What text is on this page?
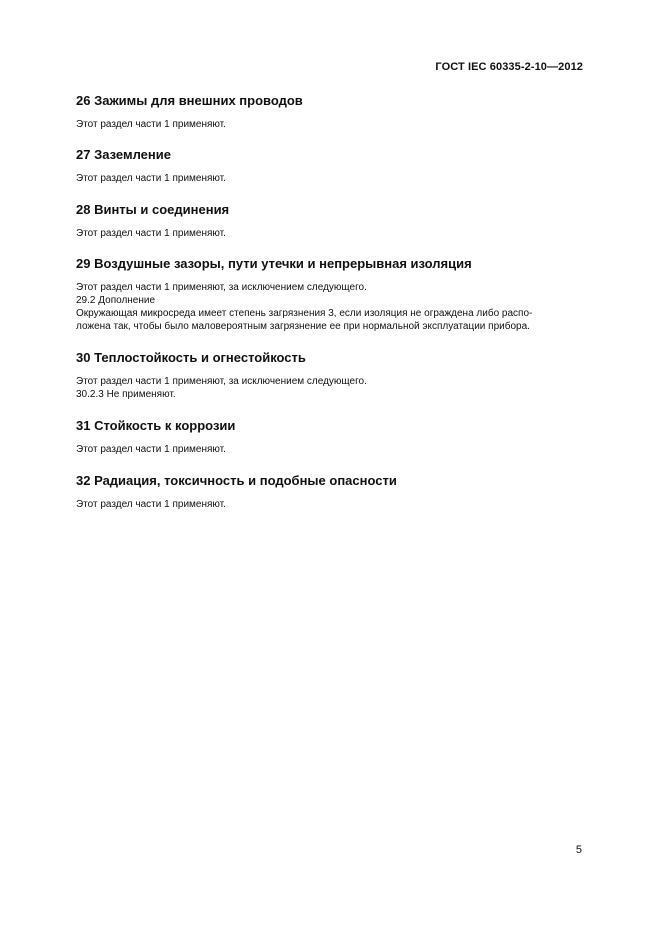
ГОСТ IEC 60335-2-10—2012
26 Зажимы для внешних проводов
Этот раздел части 1 применяют.
27 Заземление
Этот раздел части 1 применяют.
28 Винты и соединения
Этот раздел части 1 применяют.
29 Воздушные зазоры, пути утечки и непрерывная изоляция
Этот раздел части 1 применяют, за исключением следующего.
29.2 Дополнение
Окружающая микросреда имеет степень загрязнения 3, если изоляция не ограждена либо распо-
ложена так, чтобы было маловероятным загрязнение ее при нормальной эксплуатации прибора.
30 Теплостойкость и огнестойкость
Этот раздел части 1 применяют, за исключением следующего.
30.2.3 Не применяют.
31 Стойкость к коррозии
Этот раздел части 1 применяют.
32 Радиация, токсичность и подобные опасности
Этот раздел части 1 применяют.
5
